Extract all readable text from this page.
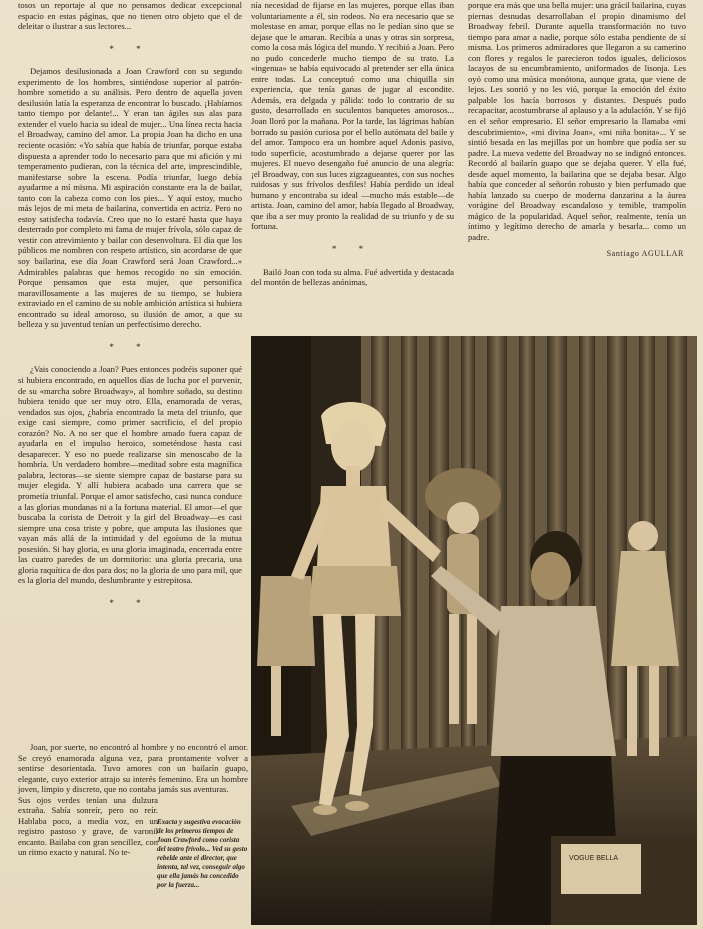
tosos un reportaje al que no pensamos dedicar excepcional espacio en estas páginas, que no tienen otro objeto que el de deleitar o ilustrar a sus lectores...

* *

Dejamos desilusionada a Joan Crawford con su segundo experimento de los hombres, sintiéndose superior al patrón-hombre sometido a su análisis. Pero dentro de aquella joven desilusión latía la esperanza de encontrar lo buscado. ¡Habíamos tanto tiempo por delante!... Y eran tan ágiles sus alas para extender el vuelo hacia su ideal de mujer... Una línea recta hacia el Broadway, camino del amor. La propia Joan ha dicho en una reciente ocasión: «Yo sabía que había de triunfar, porque estaba dispuesta a aprender todo lo necesario para que mi afición y mi temperamento pudieran, con la técnica del arte, imprescindible, manifestarse sobre la escena. Podía triunfar, luego debía ayudarme a mí misma. Mi aspiración constante era la de bailar, tanto con la cabeza como con los pies... Y aquí estoy, mucho más lejos de mi meta de bailarina, convertida en actriz. Pero no estoy satisfecha todavía. Creo que no lo estaré hasta que haya desterrado por completo mi fama de mujer frívola, sólo capaz de vestir con atrevimiento y bailar con desenvoltura. El día que los públicos me nombren con respeto artístico, sin acordarse de que soy bailarina, ese día Joan Crawford será Joan Crawford...» Admirables palabras que hemos recogido no sin emoción. Porque pensamos que esta mujer, que personifica maravillosamente a las mujeres de su tiempo, se hubiera extraviado en el camino de su noble ambición artística si hubiera encontrado su ideal amoroso, su ilusión de amor, a que su belleza y su juventud tenían un perfectísimo derecho.

* *

¿Vais conociendo a Joan? Pues entonces podréis suponer qué si hubiera encontrado, en aquellos días de lucha por el porvenir, de su «marcha sobre Broadway», al hombre soñado, su destino hubiera tenido que ser muy otro. Ella, enamorada de veras, vendados sus ojos, ¿habría encontrado la meta del triunfo, que exige casi siempre, como primer sacrificio, el del propio corazón? No. A no ser que el hombre amado fuera capaz de ayudarla en el impulso heroico, someténdose hasta casi desaparecer. Y eso no puede realizarse sin menoscabo de la hombría. Un verdadero hombre—meditad sobre esta magnífica palabra, lectoras—se siente siempre capaz de bastarse para su mujer elegida. Y allí hubiera acabado una carrera que se prometía triunfal. Porque el amor satisfecho, casi nunca conduce a las glorias mundanas ni a la fortuna material. El amor—el que buscaba la corista de Detroit y la girl del Broadway—es casi siempre una cosa triste y pobre, que amputa las ilusiones que vayan más allá de la intimidad y del egoísmo de la mutua posesión. Si hay gloria, es una gloria imaginada, encerrada entre las cuatro paredes de un dormitorio: una gloria precaria, una gloria raquítica de dos para dos; no la gloria de uno para mil, que es la gloria del mundo, deslumbrante y estrepitosa.

* *

Joan, por suerte, no encontró al hombre y no encontró el amor. Se creyó enamorada alguna vez, para prontamente volver a sentirse desorientada. Tuvo amores con un bailarín guapo, elegante, cuyo exterior atrajo su interés femenino. Era un hombre joven, limpio y discreto, que no contaba jamás sus aventuras.

Sus ojos verdes tenían una dulzura extraña. Sabía sonreír, pero no reír. Hablaba poco, a media voz, en un registro pastoso y grave, de varonil encanto. Bailaba con gran sencillez, con un ritmo exacto y natural. No te-

Exacta y sugestiva evocación de los primeros tiempos de Joan Crawford como corista del teatro frívolo... Ved su gesto rebelde ante el director, que intenta, tal vez, conseguir algo que ella jamás ha concedido por la fuerza...

nía necesidad de fijarse en las mujeres, porque ellas iban voluntariamente a él, sin rodeos. No era necesario que se molestase en amar, porque ellas no le pedían sino que se dejase que le amaran. Recibía a unas y otras sin sorpresa, como la cosa más lógica del mundo. Y recibió a Joan. Pero no pudo concederle mucho tiempo de su trato. La «ingenua» se había equivocado al pretender ser ella única entre todas. La conceptuó como una chiquilla sin experiencia, que tenía ganas de jugar al escondite. Además, era delgada y pálida: todo lo contrario de su gusto, desarrollado en suculentos banquetes amorosos... Joan lloró por la mañana. Por la tarde, las lágrimas habían borrado su pasión curiosa por el bello autómata del baile y del amor. Tampoco era un hombre aquel Adonis pasivo, todo superficie, acostumbrado a dejarse querer por las mujeres. El nuevo desengaño fué anuncio de una alegría: ¡el Broadway, con sus luces zigzagueantes, con sus noches ruidosas y sus frívolos desfiles! Había perdido un ideal humano y encontraba su ideal —mucho más estable—de artista. Joan, camino del amor, había llegado al Broadway, que iba a ser muy pronto la realidad de su triunfo y de su fortuna.

* *

Bailó Joan con toda su alma. Fué advertida y destacada del montón de bellezas anónimas,

porque era más que una bella mujer: una grácil bailarina, cuyas piernas desnudas desarrollaban el propio dinamismo del Broadway febril. Durante aquella transformación no tuvo tiempo para amar a nadie, porque sólo estaba pendiente de sí misma. Los primeros admiradores que llegaron a su camerino con flores y regalos le parecieron todos iguales, deliciosos lacayos de su encumbramiento, uniformados de lisonja. Les oyó como una música monótona, aunque grata, que viene de lejos. Les sonrió y no les vió, porque la emoción del éxito palpable los hacía borrosos y distantes. Después pudo recapacitar, acostumbrarse al aplauso y a la adulación. Y se fijó en el señor empresario. El señor empresario la llamaba «mi descubrimiento», «mi divina Joan», «mi niña bonita»... Y se sintió besada en las mejillas por un hombre que podía ser su padre. La nueva vedette del Broadway no se indignó entonces. Recordó al bailarín guapo que se dejaba querer. Y ella fué, desde aquel momento, la bailarina que se dejaba besar. Algo había que conceder al señorón robusto y bien perfumado que había lanzado su cuerpo de moderna danzarina a la áurea vorágine del Broadway escandaloso y temible, trampolín mágico de la popularidad. Aquel señor, realmente, tenía un íntimo y legítimo derecho de amarla y besarla... como un padre.

Santiago AGULLAR
VOGUE BELLA
